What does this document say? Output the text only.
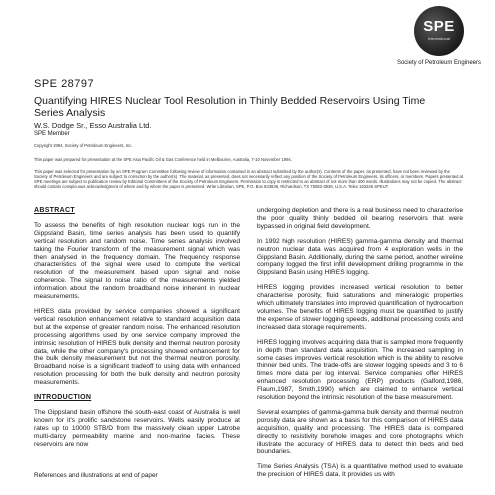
SPE
International
Society of Petroleum Engineers
SPE 28797
Quantifying HIRES Nuclear Tool Resolution in Thinly Bedded Reservoirs Using Time Series Analysis
W.S. Dodge Sr., Esso Australia Ltd.
SPE Member
Copyright 1994, Society of Petroleum Engineers, Inc.
This paper was prepared for presentation at the SPE Asia Pacific Oil & Gas Conference held in Melbourne, Australia, 7-10 November 1994.
This paper was selected for presentation by an SPE Program Committee following review of information contained in an abstract submitted by the author(s). Contents of the paper, as presented, have not been reviewed by the Society of Petroleum Engineers and are subject to correction by the author(s). The material, as presented, does not necessarily reflect any position of the Society of Petroleum Engineers, its officers, or members. Papers presented at SPE meetings are subject to publication review by Editorial Committees of the Society of Petroleum Engineers. Permission to copy is restricted to an abstract of not more than 300 words. Illustrations may not be copied. The abstract should contain conspicuous acknowledgment of where and by whom the paper is presented. Write Librarian, SPE, P.O. Box 833836, Richardson, TX 75083-3836, U.S.A. Telex 163245 SPEUT.
ABSTRACT

To assess the benefits of high resolution nuclear logs run in the Gippsland Basin, time series analysis has been used to quantify vertical resolution and random noise. Time series analysis involved taking the Fourier transform of the measurement signal which was then analysed in the frequency domain. The frequency response characteristics of the signal were used to compute the vertical resolution of the measurement based upon signal and noise coherence. The signal to noise ratio of the measurements yielded information about the random broadband noise inherent in nuclear measurements.

HIRES data provided by service companies showed a significant vertical resolution enhancement relative to standard acquisition data but at the expense of greater random noise. The enhanced resolution processing algorithms used by one service company improved the intrinsic resolution of HIRES bulk density and thermal neutron porosity data, while the other company's processing showed enhancement for the bulk density measurement but not the thermal neutron porosity. Broadband noise is a significant tradeoff to using data with enhanced resolution processing for both the bulk density and neutron porosity measurements.

INTRODUCTION

The Gippsland basin offshore the south-east coast of Australia is well known for it's prolific sandstone reservoirs. Wells easily produce at rates up to 10000 STB/D from the massively clean upper Latrobe multi-darcy permeability marine and non-marine facies. These reservoirs are now

undergoing depletion and there is a real business need to characterise the poor quality thinly bedded oil bearing reservoirs that were bypassed in original field development.

In 1992 high resolution (HIRES) gamma-gamma density and thermal neutron nuclear data was acquired from 4 exploration wells in the Gippsland Basin. Additionally, during the same period, another wireline company logged the first infill development drilling programme in the Gippsland Basin using HIRES logging.

HIRES logging provides increased vertical resolution to better characterise porosity, fluid saturations and mineralogic properties which ultimately translates into improved quantification of hydrocarbon volumes. The benefits of HIRES logging must be quantified to justify the expense of slower logging speeds, additional processing costs and increased data storage requirements.

HIRES logging involves acquiring data that is sampled more frequently in depth than standard data acquisition. The increased sampling in some cases improves vertical resolution which is the ability to resolve thinner bed units. The trade-offs are slower logging speeds and 3 to 6 times more data per log interval. Service companies offer HIRES enhanced resolution processing (ERP) products (Galford,1986, Flaum,1987, Smith,1990) which are claimed to enhance vertical resolution beyond the intrinsic resolution of the base measurement.

Several examples of gamma-gamma bulk density and thermal neutron porosity data are shown as a basis for this comparison of HIRES data acquisition, quality and processing. The HIRES data is compared directly to resistivity borehole images and core photographs which illustrate the accuracy of HIRES data to detect thin beds and bed boundaries.

Time Series Analysis (TSA) is a quantitative method used to evaluate the precision of HIRES data. It provides us with

References and illustrations at end of paper
